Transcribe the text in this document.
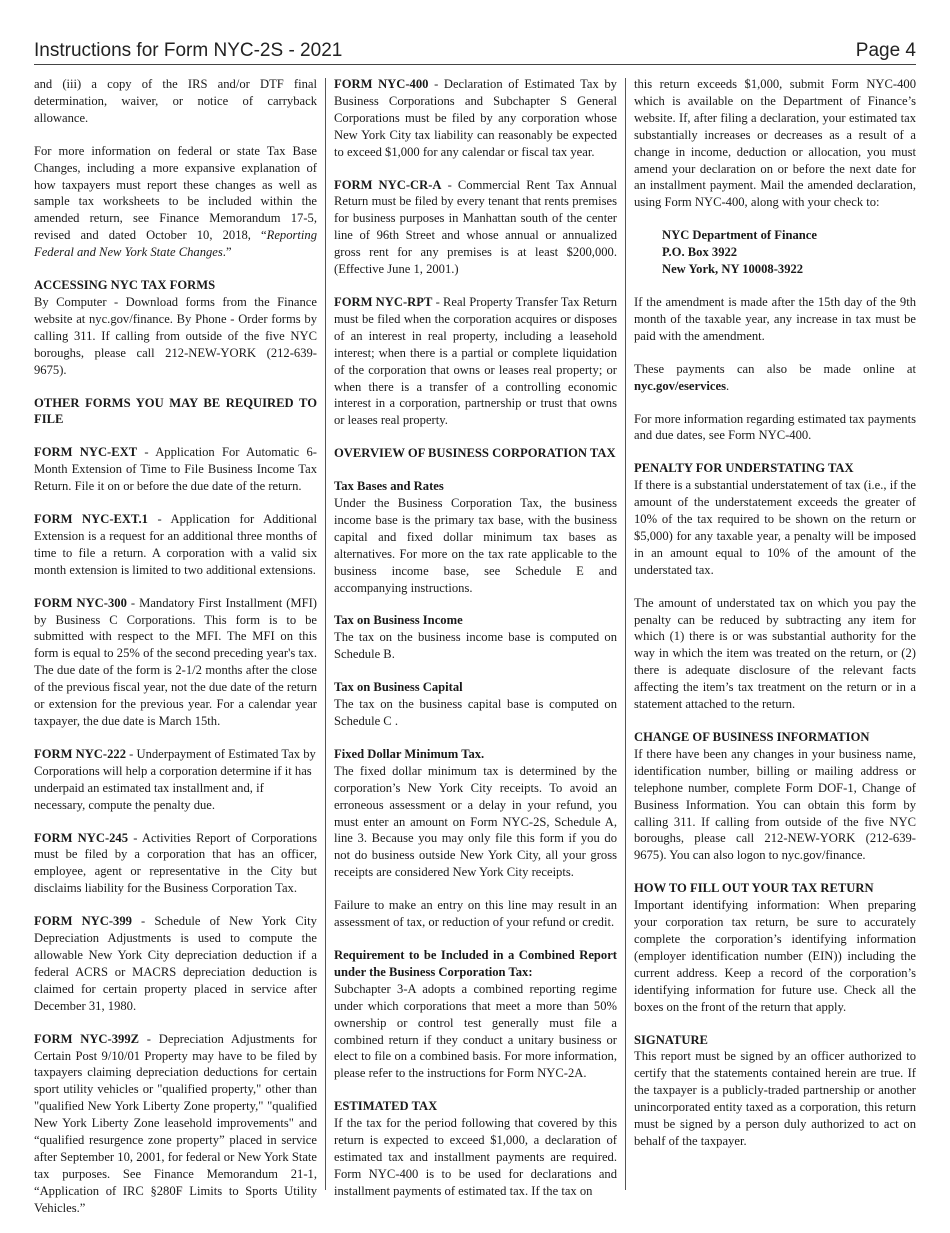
Instructions for Form NYC-2S - 2021	Page 4

and (iii) a copy of the IRS and/or DTF final determination, waiver, or notice of carryback allowance.

For more information on federal or state Tax Base Changes, including a more expansive explanation of how taxpayers must report these changes as well as sample tax worksheets to be included within the amended return, see Finance Memorandum 17-5, revised and dated October 10, 2018, “Reporting Federal and New York State Changes.”

ACCESSING NYC TAX FORMS
By Computer - Download forms from the Finance website at nyc.gov/finance. By Phone - Order forms by calling 311. If calling from outside of the five NYC boroughs, please call 212-NEW-YORK (212-639-9675).

OTHER FORMS YOU MAY BE REQUIRED TO FILE

FORM NYC-EXT - Application For Automatic 6-Month Extension of Time to File Business Income Tax Return. File it on or before the due date of the return.

FORM NYC-EXT.1 - Application for Additional Extension is a request for an additional three months of time to file a return. A corporation with a valid six month extension is limited to two additional extensions.

FORM NYC-300 - Mandatory First Installment (MFI) by Business C Corporations. This form is to be submitted with respect to the MFI. The MFI on this form is equal to 25% of the second preceding year's tax. The due date of the form is 2-1/2 months after the close of the previous fiscal year, not the due date of the return or extension for the previous year. For a calendar year taxpayer, the due date is March 15th.

FORM NYC-222 - Underpayment of Estimated Tax by Corporations will help a corporation determine if it has underpaid an estimated tax installment and, if necessary, compute the penalty due.

FORM NYC-245 - Activities Report of Corporations must be filed by a corporation that has an officer, employee, agent or representative in the City but disclaims liability for the Business Corporation Tax.

FORM NYC-399 - Schedule of New York City Depreciation Adjustments is used to compute the allowable New York City depreciation deduction if a federal ACRS or MACRS depreciation deduction is claimed for certain property placed in service after December 31, 1980.

FORM NYC-399Z - Depreciation Adjustments for Certain Post 9/10/01 Property may have to be filed by taxpayers claiming depreciation deductions for certain sport utility vehicles or "qualified property," other than "qualified New York Liberty Zone property," "qualified New York Liberty Zone leasehold improvements" and “qualified resurgence zone property” placed in service after September 10, 2001, for federal or New York State tax purposes. See Finance Memorandum 21-1, “Application of IRC §280F Limits to Sports Utility Vehicles.”

FORM NYC-400 - Declaration of Estimated Tax by Business Corporations and Subchapter S General Corporations must be filed by any corporation whose New York City tax liability can reasonably be expected to exceed $1,000 for any calendar or fiscal tax year.

FORM NYC-CR-A - Commercial Rent Tax Annual Return must be filed by every tenant that rents premises for business purposes in Manhattan south of the center line of 96th Street and whose annual or annualized gross rent for any premises is at least $200,000. (Effective June 1, 2001.)

FORM NYC-RPT - Real Property Transfer Tax Return must be filed when the corporation acquires or disposes of an interest in real property, including a leasehold interest; when there is a partial or complete liquidation of the corporation that owns or leases real property; or when there is a transfer of a controlling economic interest in a corporation, partnership or trust that owns or leases real property.

OVERVIEW OF BUSINESS CORPORATION TAX

Tax Bases and Rates
Under the Business Corporation Tax, the business income base is the primary tax base, with the business capital and fixed dollar minimum tax bases as alternatives. For more on the tax rate applicable to the business income base, see Schedule E and accompanying instructions.

Tax on Business Income
The tax on the business income base is computed on Schedule B.

Tax on Business Capital
The tax on the business capital base is computed on Schedule C .

Fixed Dollar Minimum Tax.
The fixed dollar minimum tax is determined by the corporation’s New York City receipts. To avoid an erroneous assessment or a delay in your refund, you must enter an amount on Form NYC-2S, Schedule A, line 3. Because you may only file this form if you do not do business outside New York City, all your gross receipts are considered New York City receipts.

Failure to make an entry on this line may result in an assessment of tax, or reduction of your refund or credit.

Requirement to be Included in a Combined Report under the Business Corporation Tax:
Subchapter 3-A adopts a combined reporting regime under which corporations that meet a more than 50% ownership or control test generally must file a combined return if they conduct a unitary business or elect to file on a combined basis. For more information, please refer to the instructions for Form NYC-2A.

ESTIMATED TAX
If the tax for the period following that covered by this return is expected to exceed $1,000, a declaration of estimated tax and installment payments are required. Form NYC-400 is to be used for declarations and installment payments of estimated tax. If the tax on

this return exceeds $1,000, submit Form NYC-400 which is available on the Department of Finance’s website. If, after filing a declaration, your estimated tax substantially increases or decreases as a result of a change in income, deduction or allocation, you must amend your declaration on or before the next date for an installment payment. Mail the amended declaration, using Form NYC-400, along with your check to:

NYC Department of Finance
P.O. Box 3922
New York, NY 10008-3922

If the amendment is made after the 15th day of the 9th month of the taxable year, any increase in tax must be paid with the amendment.

These payments can also be made online at nyc.gov/eservices.

For more information regarding estimated tax payments and due dates, see Form NYC-400.

PENALTY FOR UNDERSTATING TAX
If there is a substantial understatement of tax (i.e., if the amount of the understatement exceeds the greater of 10% of the tax required to be shown on the return or $5,000) for any taxable year, a penalty will be imposed in an amount equal to 10% of the amount of the understated tax.

The amount of understated tax on which you pay the penalty can be reduced by subtracting any item for which (1) there is or was substantial authority for the way in which the item was treated on the return, or (2) there is adequate disclosure of the relevant facts affecting the item’s tax treatment on the return or in a statement attached to the return.

CHANGE OF BUSINESS INFORMATION
If there have been any changes in your business name, identification number, billing or mailing address or telephone number, complete Form DOF-1, Change of Business Information. You can obtain this form by calling 311. If calling from outside of the five NYC boroughs, please call 212-NEW-YORK (212-639-9675). You can also logon to nyc.gov/finance.

HOW TO FILL OUT YOUR TAX RETURN
Important identifying information: When preparing your corporation tax return, be sure to accurately complete the corporation’s identifying information (employer identification number (EIN)) including the current address. Keep a record of the corporation’s identifying information for future use. Check all the boxes on the front of the return that apply.

SIGNATURE
This report must be signed by an officer authorized to certify that the statements contained herein are true. If the taxpayer is a publicly-traded partnership or another unincorporated entity taxed as a corporation, this return must be signed by a person duly authorized to act on behalf of the taxpayer.
